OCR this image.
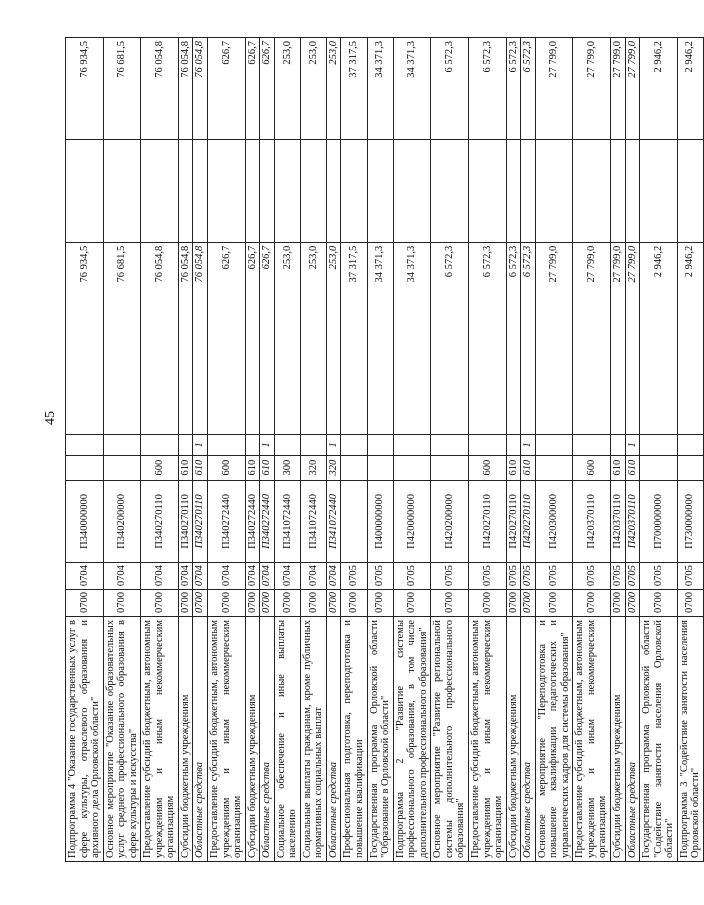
45
Подпрограмма 4 "Оказание государственных услуг в сфере культуры, отраслевого образования и архивного дела Орловской области"	0700	0704	П340000000			76 934,5		76 934,5
Основное мероприятие "Оказание образовательных услуг среднего профессионального образования в сфере культуры и искусства"	0700	0704	П340200000			76 681,5		76 681,5
Предоставление субсидий бюджетным, автономным учреждениям и иным некоммерческим организациям	0700	0704	П340270110	600		76 054,8		76 054,8
Субсидии бюджетным учреждениям	0700	0704	П340270110	610		76 054,8		76 054,8
Областные средства	0700	0704	П340270110	610	1	76 054,8		76 054,8
Предоставление субсидий бюджетным, автономным учреждениям и иным некоммерческим организациям	0700	0704	П340272440	600		626,7		626,7
Субсидии бюджетным учреждениям	0700	0704	П340272440	610		626,7		626,7
Областные средства	0700	0704	П340272440	610	1	626,7		626,7
Социальное обеспечение и иные выплаты населению	0700	0704	П341072440	300		253,0		253,0
Социальные выплаты гражданам, кроме публичных нормативных социальных выплат	0700	0704	П341072440	320		253,0		253,0
Областные средства	0700	0704	П341072440	320	1	253,0		253,0
Профессиональная подготовка, переподготовка и повышение квалификации	0700	0705				37 317,5		37 317,5
Государственная программа Орловской области "Образование в Орловской области"	0700	0705	П400000000			34 371,3		34 371,3
Подпрограмма 2 "Развитие системы профессионального образования, в том числе дополнительного профессионального образования"	0700	0705	П420000000			34 371,3		34 371,3
Основное мероприятие "Развитие региональной системы дополнительного профессионального образования"	0700	0705	П420200000			6 572,3		6 572,3
Предоставление субсидий бюджетным, автономным учреждениям и иным некоммерческим организациям	0700	0705	П420270110	600		6 572,3		6 572,3
Субсидии бюджетным учреждениям	0700	0705	П420270110	610		6 572,3		6 572,3
Областные средства	0700	0705	П420270110	610	1	6 572,3		6 572,3
Основное мероприятие "Переподготовка и повышение квалификации педагогических и управленческих кадров для системы образования"	0700	0705	П420300000			27 799,0		27 799,0
Предоставление субсидий бюджетным, автономным учреждениям и иным некоммерческим организациям	0700	0705	П420370110	600		27 799,0		27 799,0
Субсидии бюджетным учреждениям	0700	0705	П420370110	610		27 799,0		27 799,0
Областные средства	0700	0705	П420370110	610	1	27 799,0		27 799,0
Государственная программа Орловской области "Содействие занятости населения Орловской области"	0700	0705	П700000000			2 946,2		2 946,2
Подпрограмма 3 "Содействие занятости населения Орловской области"	0700	0705	П730000000			2 946,2		2 946,2
